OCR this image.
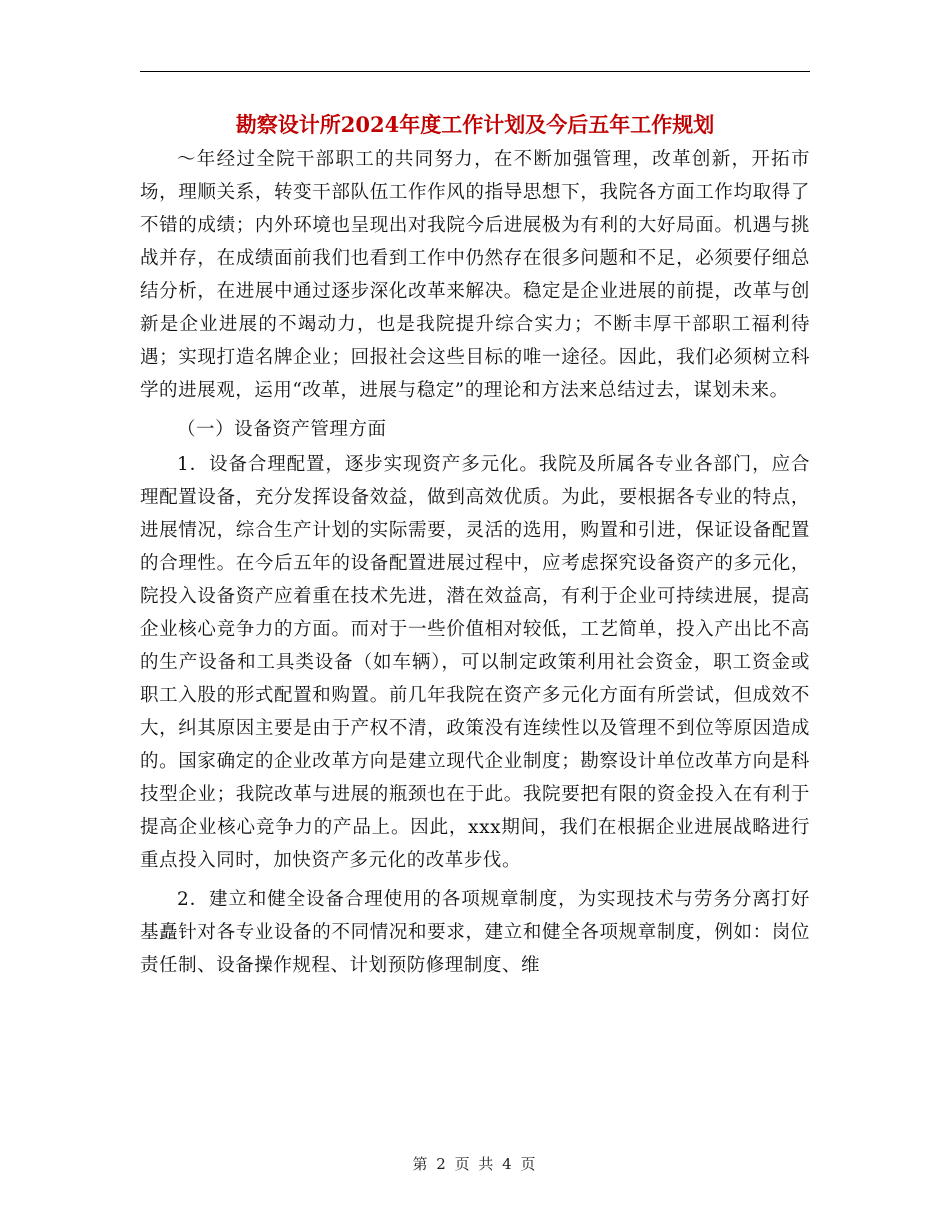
勘察设计所2024年度工作计划及今后五年工作规划

～年经过全院干部职工的共同努力，在不断加强管理，改革创新，开拓市场，理顺关系，转变干部队伍工作作风的指导思想下，我院各方面工作均取得了不错的成绩；内外环境也呈现出对我院今后进展极为有利的大好局面。机遇与挑战并存，在成绩面前我们也看到工作中仍然存在很多问题和不足，必须要仔细总结分析，在进展中通过逐步深化改革来解决。稳定是企业进展的前提，改革与创新是企业进展的不竭动力，也是我院提升综合实力；不断丰厚干部职工福利待遇；实现打造名牌企业；回报社会这些目标的唯一途径。因此，我们必须树立科学的进展观，运用“改革，进展与稳定”的理论和方法来总结过去，谋划未来。

（一）设备资产管理方面

1．设备合理配置，逐步实现资产多元化。我院及所属各专业各部门，应合理配置设备，充分发挥设备效益，做到高效优质。为此，要根据各专业的特点，进展情况，综合生产计划的实际需要，灵活的选用，购置和引进，保证设备配置的合理性。在今后五年的设备配置进展过程中，应考虑探究设备资产的多元化，院投入设备资产应着重在技术先进，潜在效益高，有利于企业可持续进展，提高企业核心竞争力的方面。而对于一些价值相对较低，工艺简单，投入产出比不高的生产设备和工具类设备（如车辆），可以制定政策利用社会资金，职工资金或职工入股的形式配置和购置。前几年我院在资产多元化方面有所尝试，但成效不大，纠其原因主要是由于产权不清，政策没有连续性以及管理不到位等原因造成的。国家确定的企业改革方向是建立现代企业制度；勘察设计单位改革方向是科技型企业；我院改革与进展的瓶颈也在于此。我院要把有限的资金投入在有利于提高企业核心竞争力的产品上。因此，xxx期间，我们在根据企业进展战略进行重点投入同时，加快资产多元化的改革步伐。

2．建立和健全设备合理使用的各项规章制度，为实现技术与劳务分离打好基矗针对各专业设备的不同情况和要求，建立和健全各项规章制度，例如：岗位责任制、设备操作规程、计划预防修理制度、维

第 2 页 共 4 页
